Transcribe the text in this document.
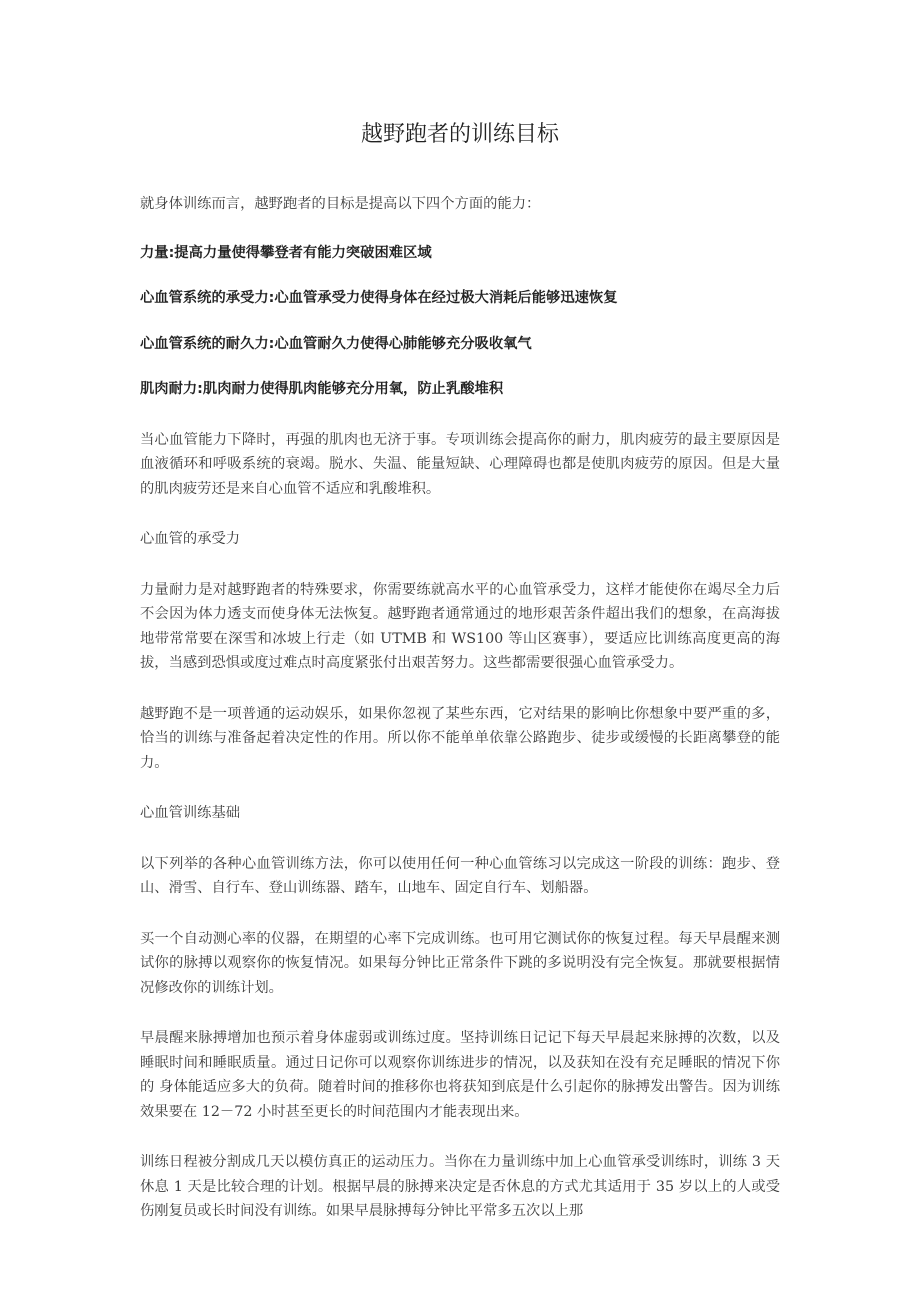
越野跑者的训练目标

就身体训练而言，越野跑者的目标是提高以下四个方面的能力：

力量:提高力量使得攀登者有能力突破困难区域

心血管系统的承受力:心血管承受力使得身体在经过极大消耗后能够迅速恢复

心血管系统的耐久力:心血管耐久力使得心肺能够充分吸收氧气

肌肉耐力:肌肉耐力使得肌肉能够充分用氧，防止乳酸堆积

当心血管能力下降时，再强的肌肉也无济于事。专项训练会提高你的耐力，肌肉疲劳的最主要原因是血液循环和呼吸系统的衰竭。脱水、失温、能量短缺、心理障碍也都是使肌肉疲劳的原因。但是大量的肌肉疲劳还是来自心血管不适应和乳酸堆积。

心血管的承受力

力量耐力是对越野跑者的特殊要求，你需要练就高水平的心血管承受力，这样才能使你在竭尽全力后不会因为体力透支而使身体无法恢复。越野跑者通常通过的地形艰苦条件超出我们的想象，在高海拔地带常常要在深雪和冰坡上行走（如 UTMB 和 WS100 等山区赛事），要适应比训练高度更高的海拔，当感到恐惧或度过难点时高度紧张付出艰苦努力。这些都需要很强心血管承受力。

越野跑不是一项普通的运动娱乐，如果你忽视了某些东西，它对结果的影响比你想象中要严重的多，恰当的训练与准备起着决定性的作用。所以你不能单单依靠公路跑步、徒步或缓慢的长距离攀登的能力。

心血管训练基础

以下列举的各种心血管训练方法，你可以使用任何一种心血管练习以完成这一阶段的训练：跑步、登山、滑雪、自行车、登山训练器、踏车，山地车、固定自行车、划船器。

买一个自动测心率的仪器，在期望的心率下完成训练。也可用它测试你的恢复过程。每天早晨醒来测试你的脉搏以观察你的恢复情况。如果每分钟比正常条件下跳的多说明没有完全恢复。那就要根据情况修改你的训练计划。

早晨醒来脉搏增加也预示着身体虚弱或训练过度。坚持训练日记记下每天早晨起来脉搏的次数，以及睡眠时间和睡眠质量。通过日记你可以观察你训练进步的情况，以及获知在没有充足睡眠的情况下你的 身体能适应多大的负荷。随着时间的推移你也将获知到底是什么引起你的脉搏发出警告。因为训练效果要在 12－72 小时甚至更长的时间范围内才能表现出来。

训练日程被分割成几天以模仿真正的运动压力。当你在力量训练中加上心血管承受训练时，训练 3 天休息 1 天是比较合理的计划。根据早晨的脉搏来决定是否休息的方式尤其适用于 35 岁以上的人或受伤刚复员或长时间没有训练。如果早晨脉搏每分钟比平常多五次以上那
